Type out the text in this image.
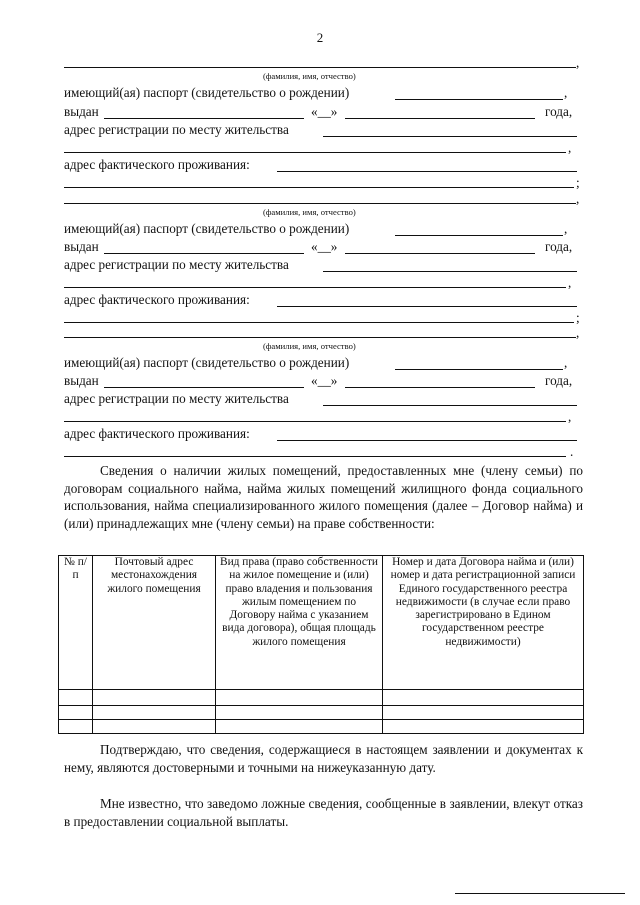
2
,
(фамилия, имя, отчество)
имеющий(ая) паспорт (свидетельство о рождении)	,
выдан	«__»	года,
адрес регистрации по месту жительства
,
адрес фактического проживания:
;
,
(фамилия, имя, отчество)
имеющий(ая) паспорт (свидетельство о рождении)	,
выдан	«__»	года,
адрес регистрации по месту жительства
,
адрес фактического проживания:
;
,
(фамилия, имя, отчество)
имеющий(ая) паспорт (свидетельство о рождении)	,
выдан	«__»	года,
адрес регистрации по месту жительства
,
адрес фактического проживания:
.
Сведения о наличии жилых помещений, предоставленных мне (члену семьи) по договорам социального найма, найма жилых помещений жилищного фонда социального использования, найма специализированного жилого помещения (далее – Договор найма) и (или) принадлежащих мне (члену семьи) на праве собственности:
№ п/п	Почтовый адрес местонахождения жилого помещения	Вид права (право собственности на жилое помещение и (или) право владения и пользования жилым помещением по Договору найма с указанием вида договора), общая площадь жилого помещения	Номер и дата Договора найма и (или) номер и дата регистрационной записи Единого государственного реестра недвижимости (в случае если право зарегистрировано в Едином государственном реестре недвижимости)

Подтверждаю, что сведения, содержащиеся в настоящем заявлении и документах к нему, являются достоверными и точными на нижеуказанную дату.
Мне известно, что заведомо ложные сведения, сообщенные в заявлении, влекут отказ в предоставлении социальной выплаты.
